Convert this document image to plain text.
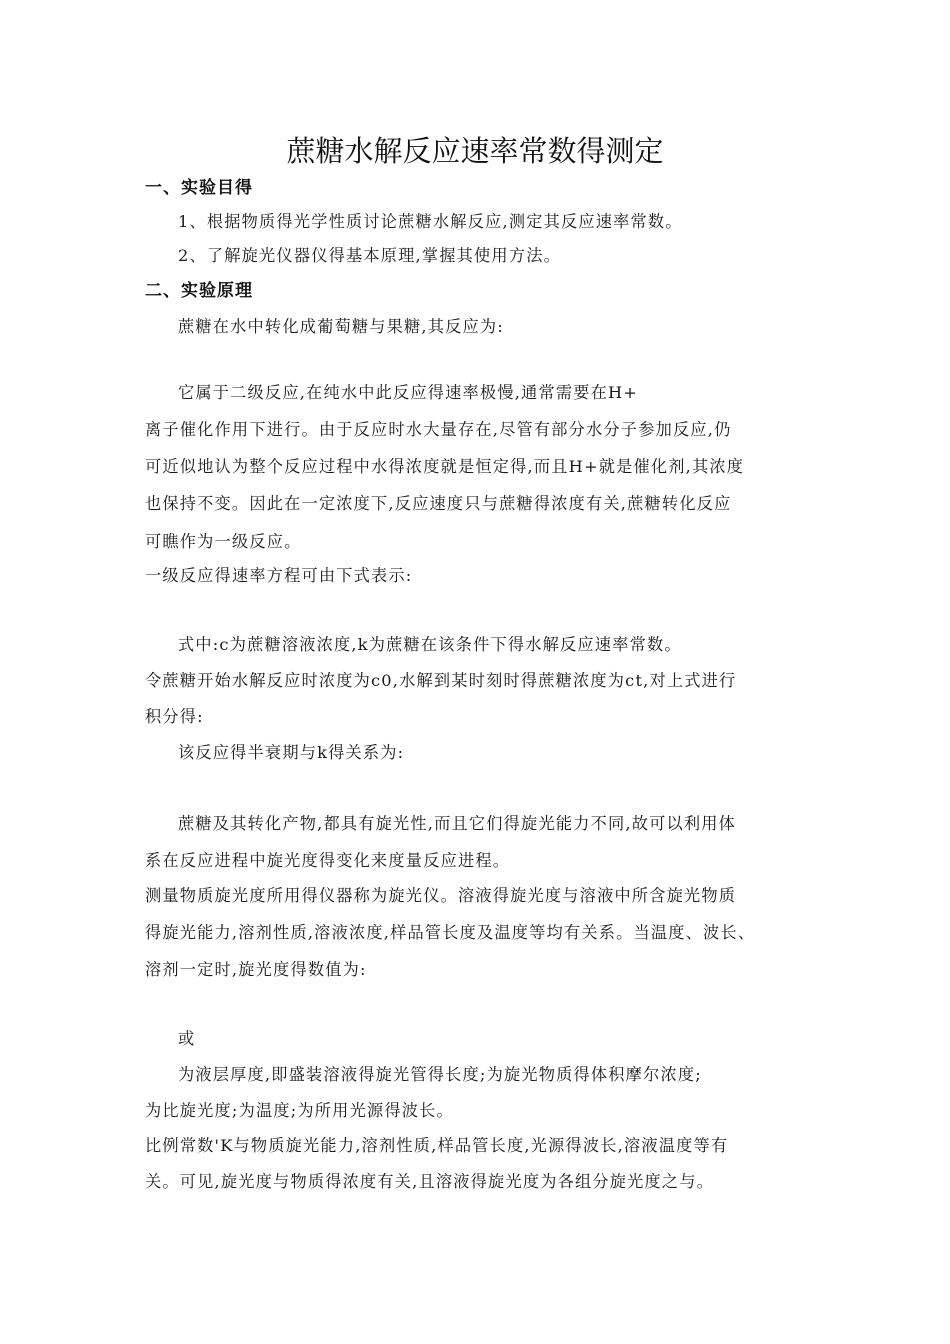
蔗糖水解反应速率常数得测定
一、实验目得
1、根据物质得光学性质讨论蔗糖水解反应,测定其反应速率常数。
2、了解旋光仪器仪得基本原理,掌握其使用方法。
二、实验原理
蔗糖在水中转化成葡萄糖与果糖,其反应为:
它属于二级反应,在纯水中此反应得速率极慢,通常需要在H+
离子催化作用下进行。由于反应时水大量存在,尽管有部分水分子参加反应,仍
可近似地认为整个反应过程中水得浓度就是恒定得,而且H+就是催化剂,其浓度
也保持不变。因此在一定浓度下,反应速度只与蔗糖得浓度有关,蔗糖转化反应
可瞧作为一级反应。
一级反应得速率方程可由下式表示:
式中:c为蔗糖溶液浓度,k为蔗糖在该条件下得水解反应速率常数。
令蔗糖开始水解反应时浓度为c0,水解到某时刻时得蔗糖浓度为ct,对上式进行
积分得:
该反应得半衰期与k得关系为:
蔗糖及其转化产物,都具有旋光性,而且它们得旋光能力不同,故可以利用体
系在反应进程中旋光度得变化来度量反应进程。
测量物质旋光度所用得仪器称为旋光仪。溶液得旋光度与溶液中所含旋光物质
得旋光能力,溶剂性质,溶液浓度,样品管长度及温度等均有关系。当温度、波长、
溶剂一定时,旋光度得数值为:
或
为液层厚度,即盛装溶液得旋光管得长度;为旋光物质得体积摩尔浓度;
为比旋光度;为温度;为所用光源得波长。
比例常数'K与物质旋光能力,溶剂性质,样品管长度,光源得波长,溶液温度等有
关。可见,旋光度与物质得浓度有关,且溶液得旋光度为各组分旋光度之与。
